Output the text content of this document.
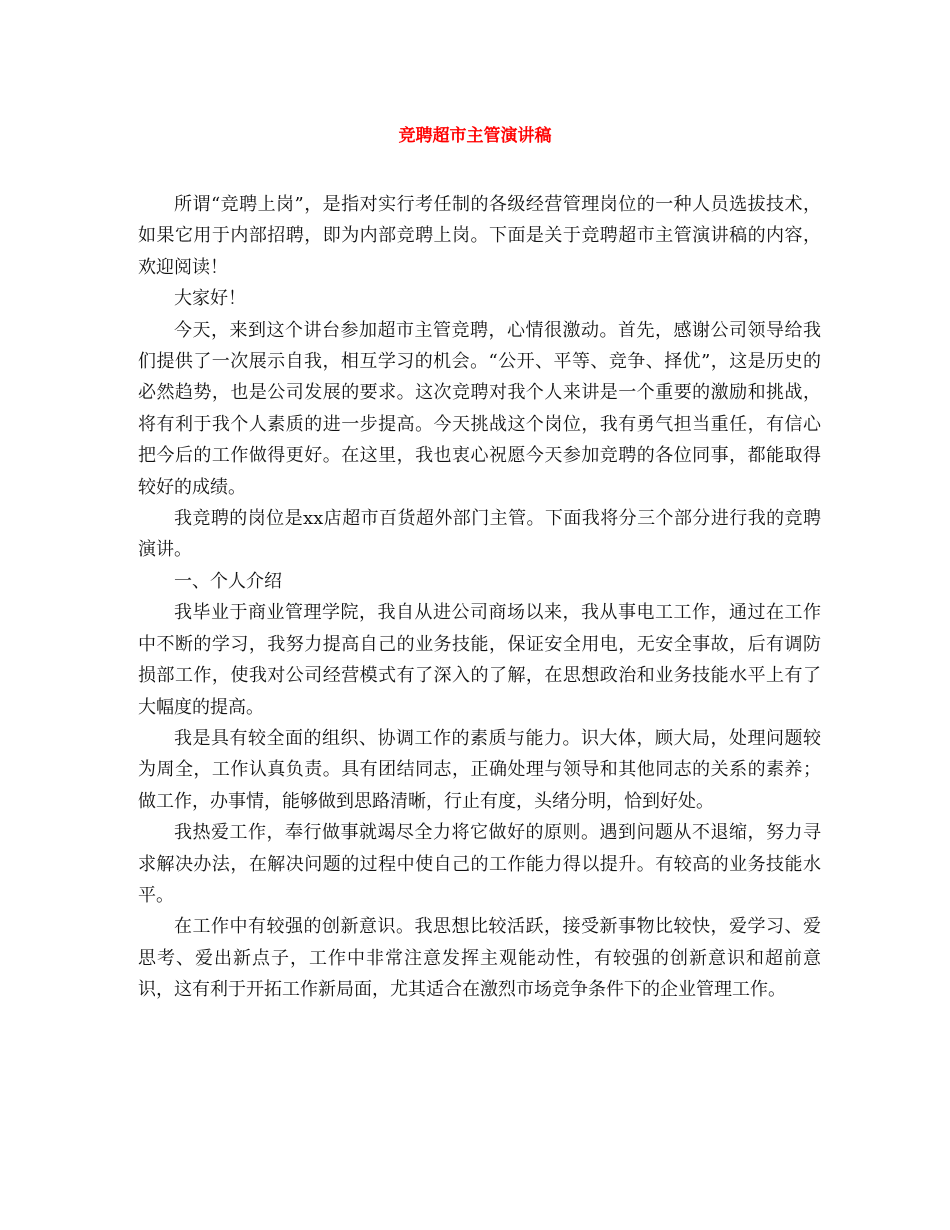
竞聘超市主管演讲稿

所谓“竞聘上岗”，是指对实行考任制的各级经营管理岗位的一种人员选拔技术，如果它用于内部招聘，即为内部竞聘上岗。下面是关于竞聘超市主管演讲稿的内容，欢迎阅读！

大家好！

今天，来到这个讲台参加超市主管竞聘，心情很激动。首先，感谢公司领导给我们提供了一次展示自我，相互学习的机会。“公开、平等、竞争、择优”，这是历史的必然趋势，也是公司发展的要求。这次竞聘对我个人来讲是一个重要的激励和挑战，将有利于我个人素质的进一步提高。今天挑战这个岗位，我有勇气担当重任，有信心把今后的工作做得更好。在这里，我也衷心祝愿今天参加竞聘的各位同事，都能取得较好的成绩。

我竞聘的岗位是xx店超市百货超外部门主管。下面我将分三个部分进行我的竞聘演讲。

一、个人介绍

我毕业于商业管理学院，我自从进公司商场以来，我从事电工工作，通过在工作中不断的学习，我努力提高自己的业务技能，保证安全用电，无安全事故，后有调防损部工作，使我对公司经营模式有了深入的了解，在思想政治和业务技能水平上有了大幅度的提高。

我是具有较全面的组织、协调工作的素质与能力。识大体，顾大局，处理问题较为周全，工作认真负责。具有团结同志，正确处理与领导和其他同志的关系的素养；做工作，办事情，能够做到思路清晰，行止有度，头绪分明，恰到好处。

我热爱工作，奉行做事就竭尽全力将它做好的原则。遇到问题从不退缩，努力寻求解决办法，在解决问题的过程中使自己的工作能力得以提升。有较高的业务技能水平。

在工作中有较强的创新意识。我思想比较活跃，接受新事物比较快，爱学习、爱思考、爱出新点子，工作中非常注意发挥主观能动性，有较强的创新意识和超前意识，这有利于开拓工作新局面，尤其适合在激烈市场竞争条件下的企业管理工作。
